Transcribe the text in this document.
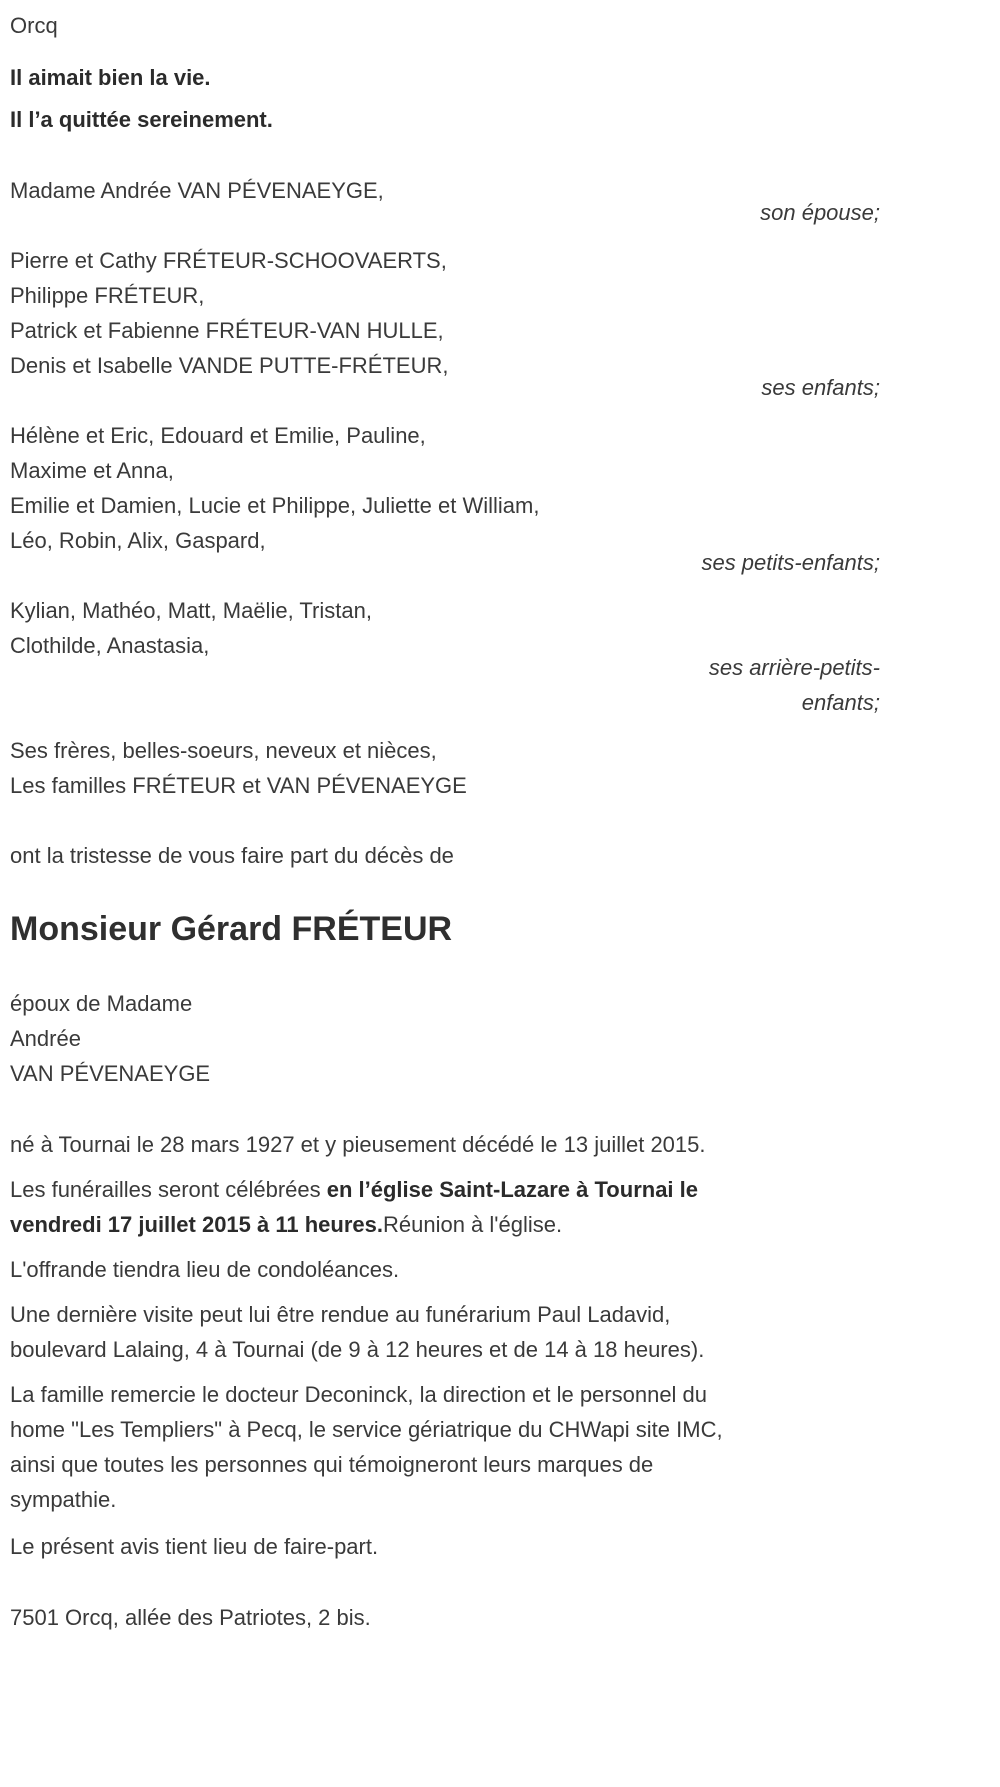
Orcq
Il aimait bien la vie.
Il l’a quittée sereinement.
Madame Andrée VAN PÉVENAEYGE,
son épouse;
Pierre et Cathy FRÉTEUR-SCHOOVAERTS,
Philippe FRÉTEUR,
Patrick et Fabienne FRÉTEUR-VAN HULLE,
Denis et Isabelle VANDE PUTTE-FRÉTEUR,
ses enfants;
Hélène et Eric, Edouard et Emilie, Pauline,
Maxime et Anna,
Emilie et Damien, Lucie et Philippe, Juliette et William,
Léo, Robin, Alix, Gaspard,
ses petits-enfants;
Kylian, Mathéo, Matt, Maëlie, Tristan,
Clothilde, Anastasia,
ses arrière-petits-enfants;
Ses frères, belles-soeurs, neveux et nièces,
Les familles FRÉTEUR et VAN PÉVENAEYGE
ont la tristesse de vous faire part du décès de
Monsieur Gérard FRÉTEUR
époux de Madame
Andrée
VAN PÉVENAEYGE
né à Tournai le 28 mars 1927 et y pieusement décédé le 13 juillet 2015.
Les funérailles seront célébrées en l’église Saint-Lazare à Tournai le
vendredi 17 juillet 2015 à 11 heures.Réunion à l'église.
L'offrande tiendra lieu de condoléances.
Une dernière visite peut lui être rendue au funérarium Paul Ladavid,
boulevard Lalaing, 4 à Tournai (de 9 à 12 heures et de 14 à 18 heures).
La famille remercie le docteur Deconinck, la direction et le personnel du
home "Les Templiers" à Pecq, le service gériatrique du CHWapi site IMC,
ainsi que toutes les personnes qui témoigneront leurs marques de
sympathie.
Le présent avis tient lieu de faire-part.
7501 Orcq, allée des Patriotes, 2 bis.
